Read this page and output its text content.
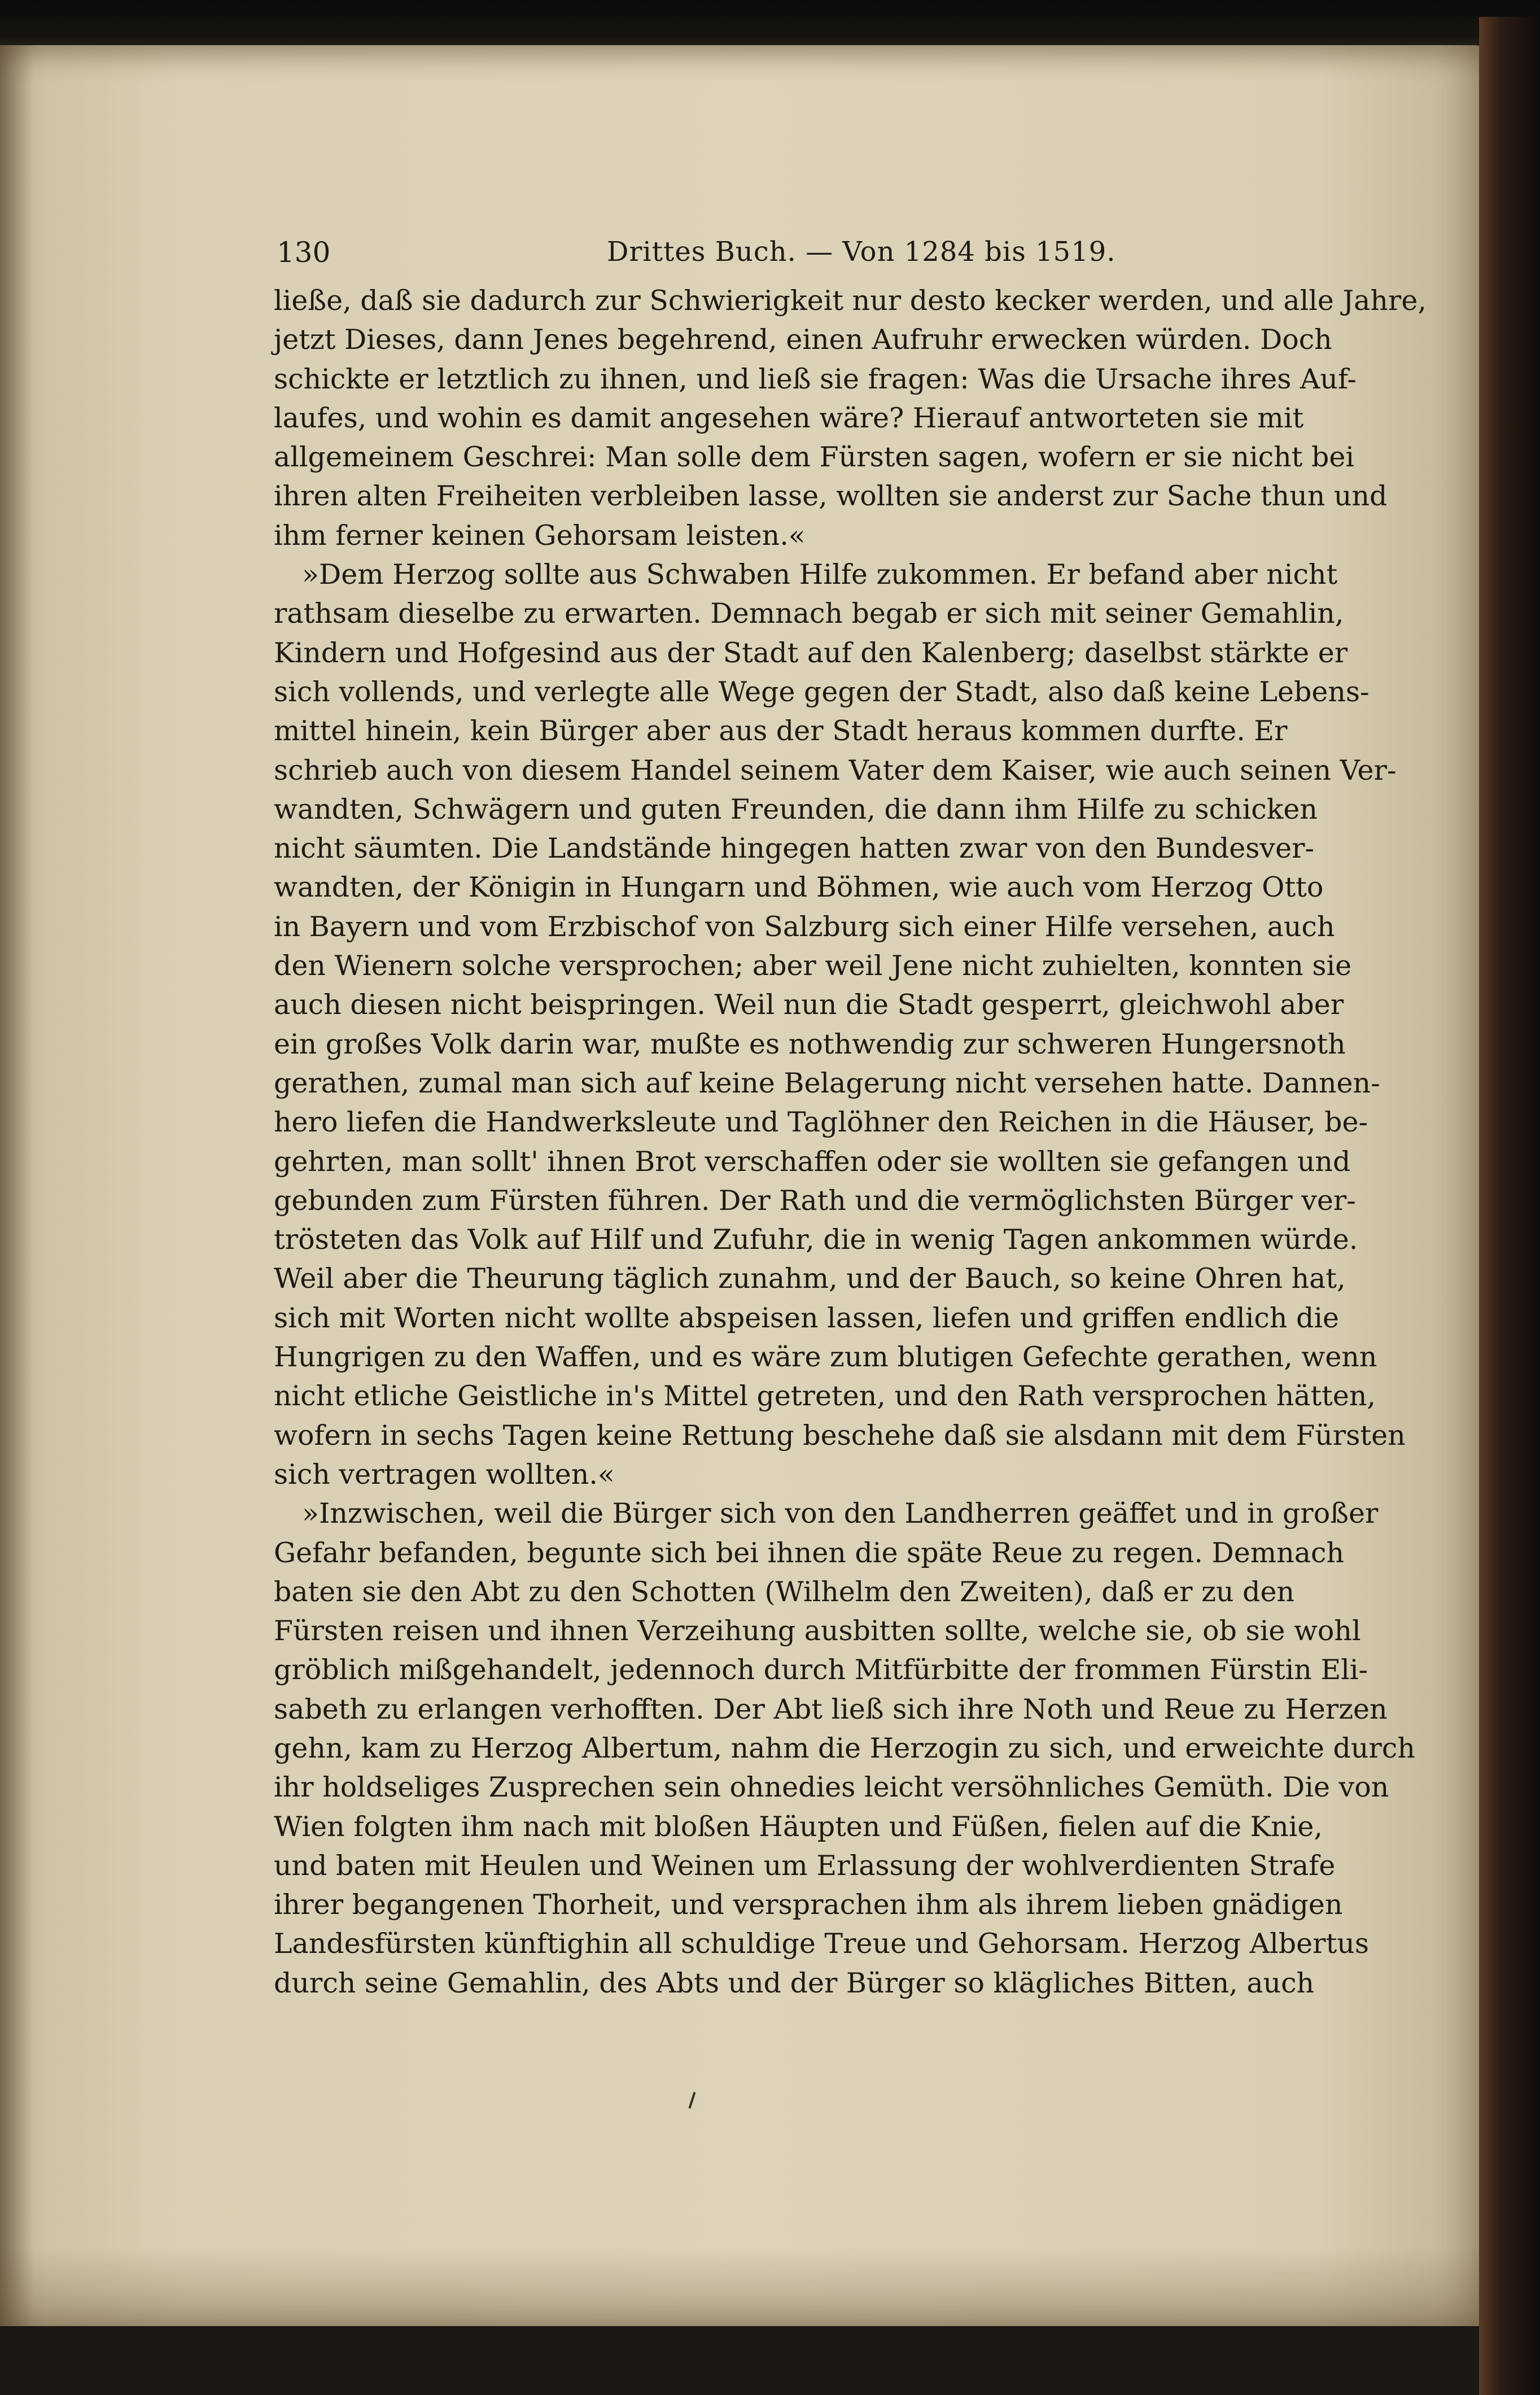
130	Drittes Buch. — Von 1284 bis 1519.
ließe, daß sie dadurch zur Schwierigkeit nur desto kecker werden, und alle Jahre,
jetzt Dieses, dann Jenes begehrend, einen Aufruhr erwecken würden. Doch
schickte er letztlich zu ihnen, und ließ sie fragen: Was die Ursache ihres Auf-
laufes, und wohin es damit angesehen wäre? Hierauf antworteten sie mit
allgemeinem Geschrei: Man solle dem Fürsten sagen, wofern er sie nicht bei
ihren alten Freiheiten verbleiben lasse, wollten sie anderst zur Sache thun und
ihm ferner keinen Gehorsam leisten.«
»Dem Herzog sollte aus Schwaben Hilfe zukommen. Er befand aber nicht
rathsam dieselbe zu erwarten. Demnach begab er sich mit seiner Gemahlin,
Kindern und Hofgesind aus der Stadt auf den Kalenberg; daselbst stärkte er
sich vollends, und verlegte alle Wege gegen der Stadt, also daß keine Lebens-
mittel hinein, kein Bürger aber aus der Stadt heraus kommen durfte. Er
schrieb auch von diesem Handel seinem Vater dem Kaiser, wie auch seinen Ver-
wandten, Schwägern und guten Freunden, die dann ihm Hilfe zu schicken
nicht säumten. Die Landstände hingegen hatten zwar von den Bundesver-
wandten, der Königin in Hungarn und Böhmen, wie auch vom Herzog Otto
in Bayern und vom Erzbischof von Salzburg sich einer Hilfe versehen, auch
den Wienern solche versprochen; aber weil Jene nicht zuhielten, konnten sie
auch diesen nicht beispringen. Weil nun die Stadt gesperrt, gleichwohl aber
ein großes Volk darin war, mußte es nothwendig zur schweren Hungersnoth
gerathen, zumal man sich auf keine Belagerung nicht versehen hatte. Dannen-
hero liefen die Handwerksleute und Taglöhner den Reichen in die Häuser, be-
gehrten, man sollt' ihnen Brot verschaffen oder sie wollten sie gefangen und
gebunden zum Fürsten führen. Der Rath und die vermöglichsten Bürger ver-
trösteten das Volk auf Hilf und Zufuhr, die in wenig Tagen ankommen würde.
Weil aber die Theurung täglich zunahm, und der Bauch, so keine Ohren hat,
sich mit Worten nicht wollte abspeisen lassen, liefen und griffen endlich die
Hungrigen zu den Waffen, und es wäre zum blutigen Gefechte gerathen, wenn
nicht etliche Geistliche in's Mittel getreten, und den Rath versprochen hätten,
wofern in sechs Tagen keine Rettung beschehe daß sie alsdann mit dem Fürsten
sich vertragen wollten.«
»Inzwischen, weil die Bürger sich von den Landherren geäffet und in großer
Gefahr befanden, begunte sich bei ihnen die späte Reue zu regen. Demnach
baten sie den Abt zu den Schotten (Wilhelm den Zweiten), daß er zu den
Fürsten reisen und ihnen Verzeihung ausbitten sollte, welche sie, ob sie wohl
gröblich mißgehandelt, jedennoch durch Mitfürbitte der frommen Fürstin Eli-
sabeth zu erlangen verhofften. Der Abt ließ sich ihre Noth und Reue zu Herzen
gehn, kam zu Herzog Albertum, nahm die Herzogin zu sich, und erweichte durch
ihr holdseliges Zusprechen sein ohnedies leicht versöhnliches Gemüth. Die von
Wien folgten ihm nach mit bloßen Häupten und Füßen, fielen auf die Knie,
und baten mit Heulen und Weinen um Erlassung der wohlverdienten Strafe
ihrer begangenen Thorheit, und versprachen ihm als ihrem lieben gnädigen
Landesfürsten künftighin all schuldige Treue und Gehorsam. Herzog Albertus
durch seine Gemahlin, des Abts und der Bürger so klägliches Bitten, auch
